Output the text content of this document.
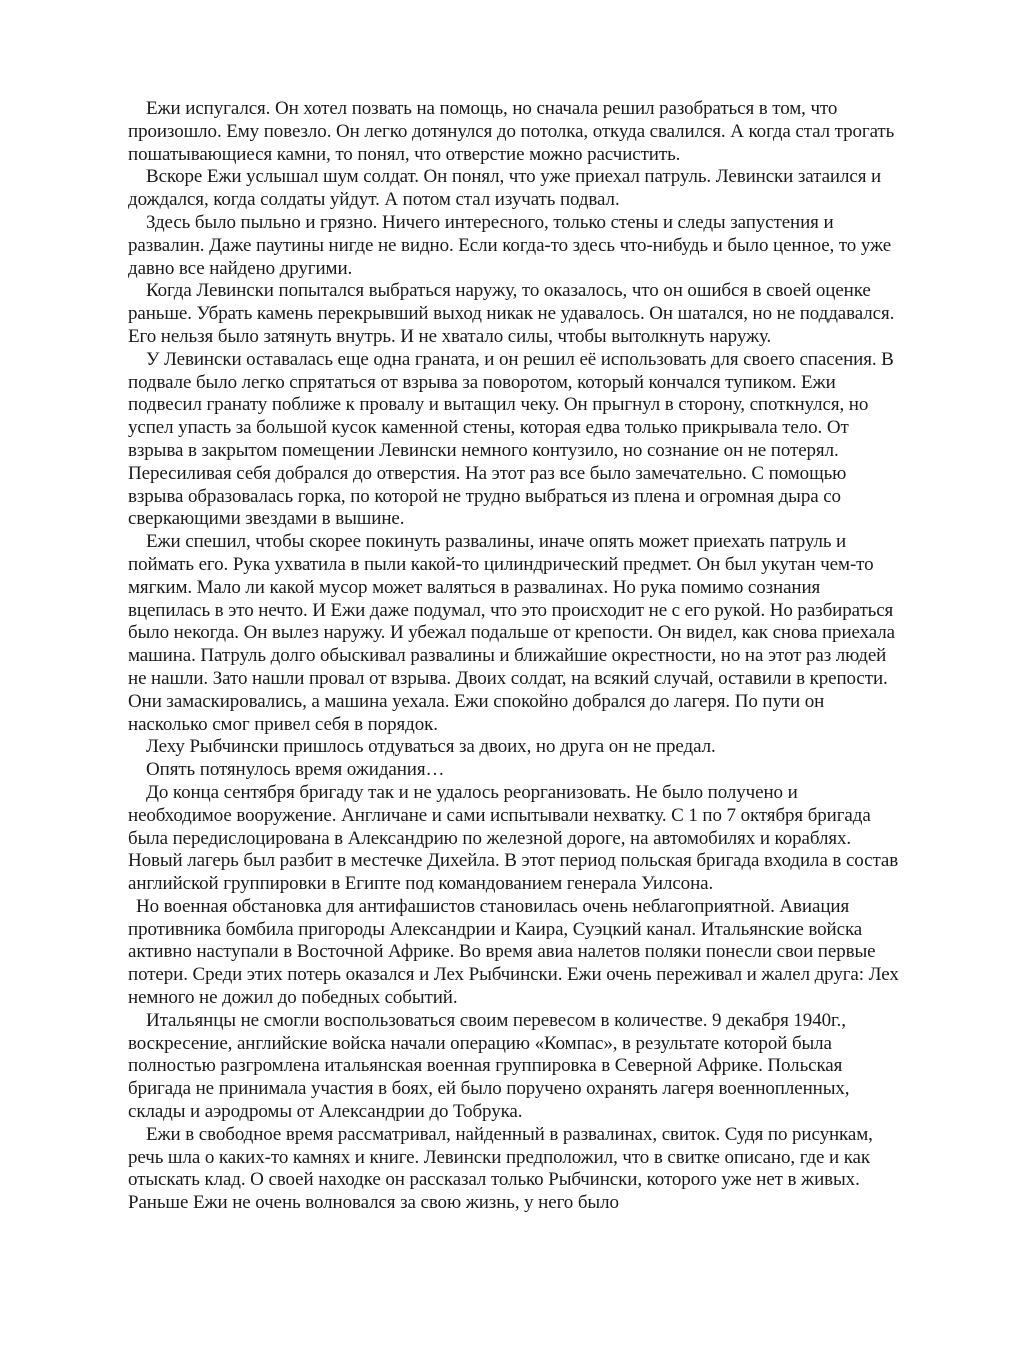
Ежи испугался. Он хотел позвать на помощь, но сначала решил разобраться в том, что произошло. Ему повезло. Он легко дотянулся до потолка, откуда свалился. А когда стал трогать пошатывающиеся камни, то понял, что отверстие можно расчистить.

Вскоре Ежи услышал шум солдат. Он понял, что уже приехал патруль. Левински затаился и дождался, когда солдаты уйдут. А потом стал изучать подвал.

Здесь было пыльно и грязно. Ничего интересного, только стены и следы запустения и развалин. Даже паутины нигде не видно. Если когда-то здесь что-нибудь и было ценное, то уже давно все найдено другими.

Когда Левински попытался выбраться наружу, то оказалось, что он ошибся в своей оценке раньше. Убрать камень перекрывший выход никак не удавалось. Он шатался, но не поддавался. Его нельзя было затянуть внутрь. И не хватало силы, чтобы вытолкнуть наружу.

У Левински оставалась еще одна граната, и он решил её использовать для своего спасения. В подвале было легко спрятаться от взрыва за поворотом, который кончался тупиком. Ежи подвесил гранату поближе к провалу и вытащил чеку. Он прыгнул в сторону, споткнулся, но успел упасть за большой кусок каменной стены, которая едва только прикрывала тело. От взрыва в закрытом помещении Левински немного контузило, но сознание он не потерял. Пересиливая себя добрался до отверстия. На этот раз все было замечательно. С помощью взрыва образовалась горка, по которой не трудно выбраться из плена и огромная дыра со сверкающими звездами в вышине.

Ежи спешил, чтобы скорее покинуть развалины, иначе опять может приехать патруль и поймать его. Рука ухватила в пыли какой-то цилиндрический предмет. Он был укутан чем-то мягким. Мало ли какой мусор может валяться в развалинах. Но рука помимо сознания вцепилась в это нечто. И Ежи даже подумал, что это происходит не с его рукой. Но разбираться было некогда. Он вылез наружу. И убежал подальше от крепости. Он видел, как снова приехала машина. Патруль долго обыскивал развалины и ближайшие окрестности, но на этот раз людей не нашли. Зато нашли провал от взрыва. Двоих солдат, на всякий случай, оставили в крепости. Они замаскировались, а машина уехала. Ежи спокойно добрался до лагеря. По пути он насколько смог привел себя в порядок.

Леху Рыбчински пришлось отдуваться за двоих, но друга он не предал.

Опять потянулось время ожидания…

До конца сентября бригаду так и не удалось реорганизовать. Не было получено и необходимое вооружение. Англичане и сами испытывали нехватку. С 1 по 7 октября бригада была передислоцирована в Александрию по железной дороге, на автомобилях и кораблях. Новый лагерь был разбит в местечке Дихейла. В этот период польская бригада входила в состав английской группировки в Египте под командованием генерала Уилсона.

Но военная обстановка для антифашистов становилась очень неблагоприятной. Авиация противника бомбила пригороды Александрии и Каира, Суэцкий канал. Итальянские войска активно наступали в Восточной Африке. Во время авиа налетов поляки понесли свои первые потери. Среди этих потерь оказался и Лех Рыбчински. Ежи очень переживал и жалел друга: Лех немного не дожил до победных событий.

Итальянцы не смогли воспользоваться своим перевесом в количестве. 9 декабря 1940г., воскресение, английские войска начали операцию «Компас», в результате которой была полностью разгромлена итальянская военная группировка в Северной Африке. Польская бригада не принимала участия в боях, ей было поручено охранять лагеря военнопленных, склады и аэродромы от Александрии до Тобрука.

Ежи в свободное время рассматривал, найденный в развалинах, свиток. Судя по рисункам, речь шла о каких-то камнях и книге. Левински предположил, что в свитке описано, где и как отыскать клад. О своей находке он рассказал только Рыбчински, которого уже нет в живых. Раньше Ежи не очень волновался за свою жизнь, у него было
